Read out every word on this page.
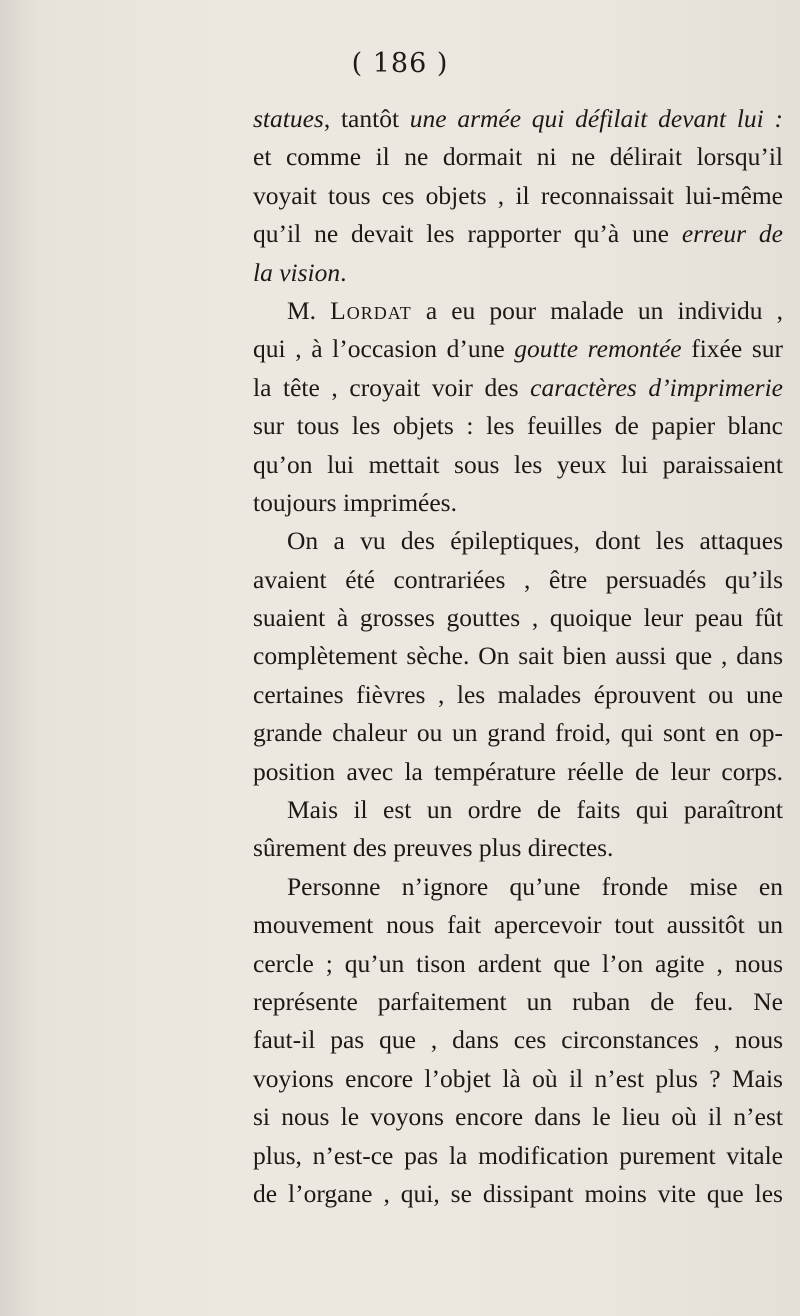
( 186 )
statues, tantôt une armée qui défilait devant lui :
et comme il ne dormait ni ne délirait lorsqu’il
voyait tous ces objets , il reconnaissait lui-même
qu’il ne devait les rapporter qu’à une erreur de
la vision.
M. Lordat a eu pour malade un individu ,
qui , à l’occasion d’une goutte remontée fixée sur
la tête , croyait voir des caractères d’imprimerie
sur tous les objets : les feuilles de papier blanc
qu’on lui mettait sous les yeux lui paraissaient
toujours imprimées.
On a vu des épileptiques, dont les attaques
avaient été contrariées , être persuadés qu’ils
suaient à grosses gouttes , quoique leur peau fût
complètement sèche. On sait bien aussi que , dans
certaines fièvres , les malades éprouvent ou une
grande chaleur ou un grand froid, qui sont en op-
position avec la température réelle de leur corps.
Mais il est un ordre de faits qui paraîtront
sûrement des preuves plus directes.
Personne n’ignore qu’une fronde mise en
mouvement nous fait apercevoir tout aussitôt un
cercle ; qu’un tison ardent que l’on agite , nous
représente parfaitement un ruban de feu. Ne
faut-il pas que , dans ces circonstances , nous
voyions encore l’objet là où il n’est plus ? Mais
si nous le voyons encore dans le lieu où il n’est
plus, n’est-ce pas la modification purement vitale
de l’organe , qui, se dissipant moins vite que les
